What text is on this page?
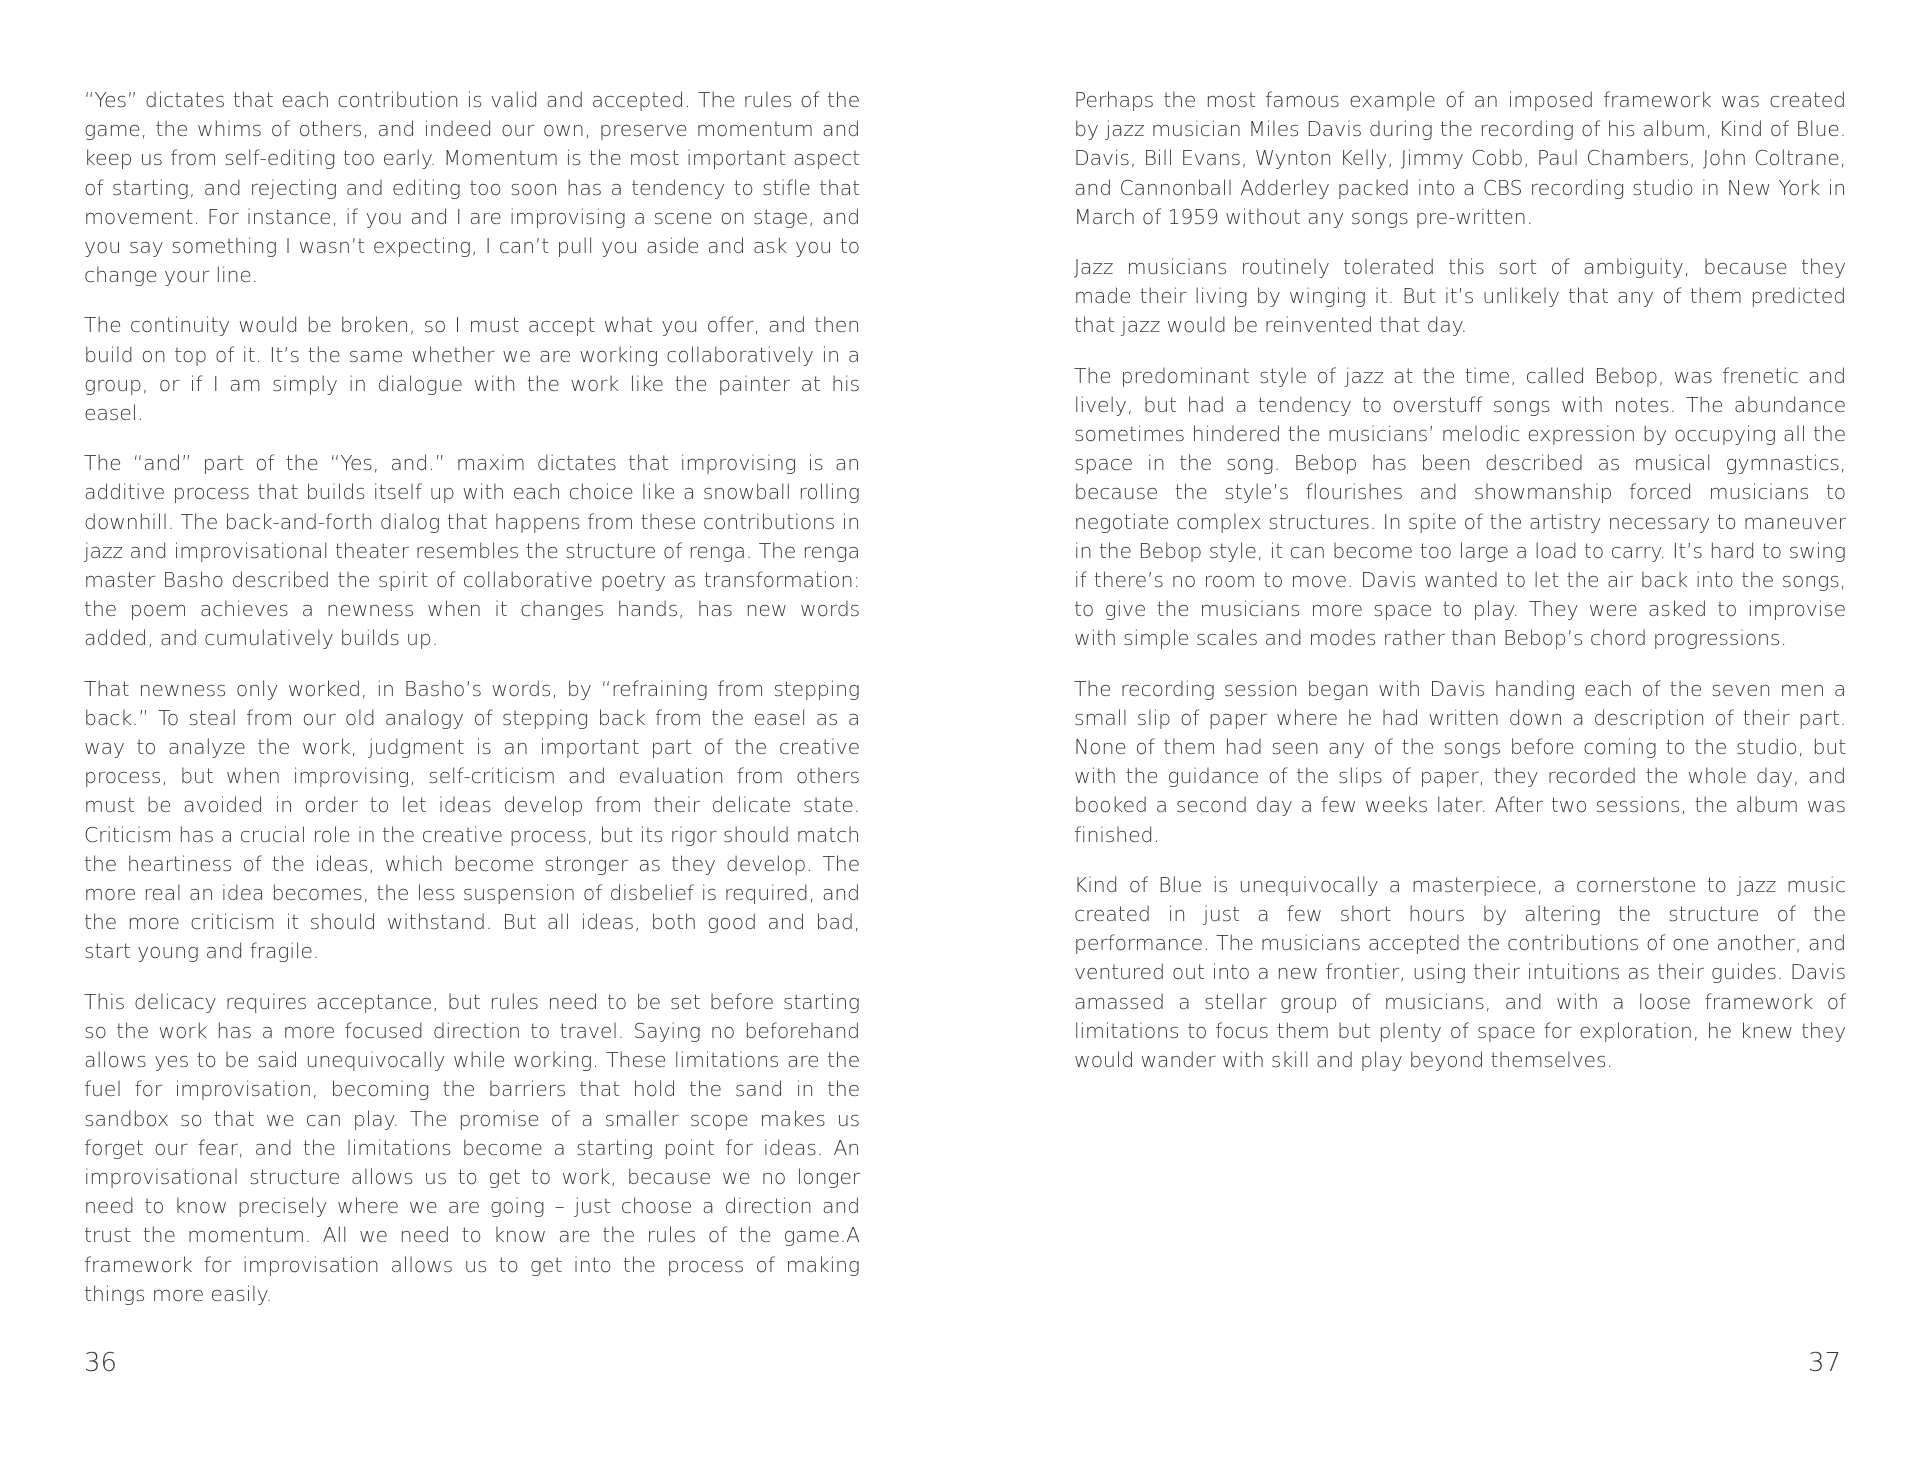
“Yes” dictates that each contribution is valid and accepted. The rules of the game, the whims of others, and indeed our own, preserve momentum and keep us from self-editing too early. Momentum is the most important aspect of starting, and rejecting and editing too soon has a tendency to stifle that movement. For instance, if you and I are improvising a scene on stage, and you say something I wasn’t expecting, I can’t pull you aside and ask you to change your line.

The continuity would be broken, so I must accept what you offer, and then build on top of it. It’s the same whether we are working collaboratively in a group, or if I am simply in dialogue with the work like the painter at his easel.

The “and” part of the “Yes, and.” maxim dictates that improvising is an additive process that builds itself up with each choice like a snowball rolling downhill. The back-and-forth dialog that happens from these contributions in jazz and improvisational theater resembles the structure of renga. The renga master Basho described the spirit of collaborative poetry as transformation: the poem achieves a newness when it changes hands, has new words added, and cumulatively builds up.

That newness only worked, in Basho’s words, by “refraining from stepping back.” To steal from our old analogy of stepping back from the easel as a way to analyze the work, judgment is an important part of the creative process, but when improvising, self-criticism and evaluation from others must be avoided in order to let ideas develop from their delicate state. Criticism has a crucial role in the creative process, but its rigor should match the heartiness of the ideas, which become stronger as they develop. The more real an idea becomes, the less suspension of disbelief is required, and the more criticism it should withstand. But all ideas, both good and bad, start young and fragile.

This delicacy requires acceptance, but rules need to be set before starting so the work has a more focused direction to travel. Saying no beforehand allows yes to be said unequivocally while working. These limitations are the fuel for improvisation, becoming the barriers that hold the sand in the sandbox so that we can play. The promise of a smaller scope makes us forget our fear, and the limitations become a starting point for ideas. An improvisational structure allows us to get to work, because we no longer need to know precisely where we are going – just choose a direction and trust the momentum. All we need to know are the rules of the game.A framework for improvisation allows us to get into the process of making things more easily.

36

Perhaps the most famous example of an imposed framework was created by jazz musician Miles Davis during the recording of his album, Kind of Blue. Davis, Bill Evans, Wynton Kelly, Jimmy Cobb, Paul Chambers, John Coltrane, and Cannonball Adderley packed into a CBS recording studio in New York in March of 1959 without any songs pre-written.

Jazz musicians routinely tolerated this sort of ambiguity, because they made their living by winging it. But it’s unlikely that any of them predicted that jazz would be reinvented that day.

The predominant style of jazz at the time, called Bebop, was frenetic and lively, but had a tendency to overstuff songs with notes. The abundance sometimes hindered the musicians’ melodic expression by occupying all the space in the song. Bebop has been described as musical gymnastics, because the style’s flourishes and showmanship forced musicians to negotiate complex structures. In spite of the artistry necessary to maneuver in the Bebop style, it can become too large a load to carry. It’s hard to swing if there’s no room to move. Davis wanted to let the air back into the songs, to give the musicians more space to play. They were asked to improvise with simple scales and modes rather than Bebop’s chord progressions.

The recording session began with Davis handing each of the seven men a small slip of paper where he had written down a description of their part. None of them had seen any of the songs before coming to the studio, but with the guidance of the slips of paper, they recorded the whole day, and booked a second day a few weeks later. After two sessions, the album was finished.

Kind of Blue is unequivocally a masterpiece, a cornerstone to jazz music created in just a few short hours by altering the structure of the performance. The musicians accepted the contributions of one another, and ventured out into a new frontier, using their intuitions as their guides. Davis amassed a stellar group of musicians, and with a loose framework of limitations to focus them but plenty of space for exploration, he knew they would wander with skill and play beyond themselves.

37
